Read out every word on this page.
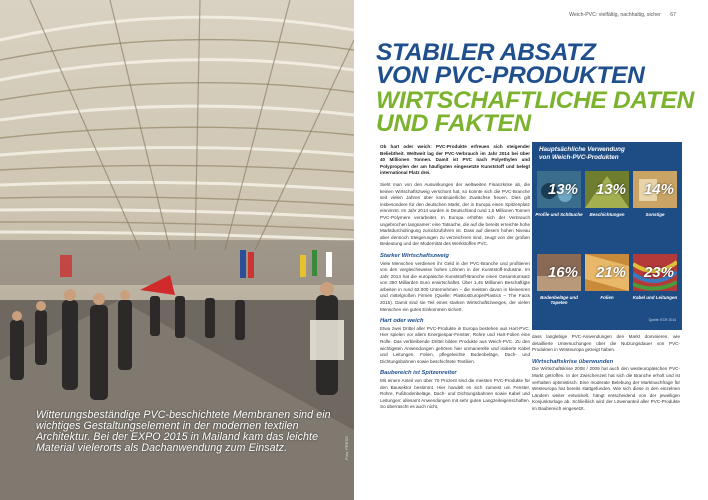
Witterungsbeständige PVC-beschichtete Membranen sind ein wichtiges Gestaltungselement in der modernen textilen Architektur. Bei der EXPO 2015 in Mailand kam das leichte Material vielerorts als Dachanwendung zum Einsatz.	Foto: PRESS
Weich-PVC: vielfältig, nachhaltig, sicher 67
STABILER ABSATZ
VON PVC-PRODUKTEN
WIRTSCHAFTLICHE DATEN
UND FAKTEN

Ob hart oder weich: PVC-Produkte erfreuen sich steigender Beliebtheit. Weltweit lag der PVC-Verbrauch im Jahr 2014 bei über 40 Millionen Tonnen. Damit ist PVC nach Polyethylen und Polypropylen der am häufigsten eingesetzte Kunststoff und belegt international Platz drei.

Sieht man von den Auswirkungen der weltweiten Finanzkrise ab, die keinen Wirtschaftszweig verschont hat, so konnte sich die PVC-Branche seit vielen Jahren über kontinuierliche Zuwächse freuen. Dies gilt insbesondere für den deutschen Markt, der in Europa einen Spitzenplatz einnimmt. Im Jahr 2014 wurden in Deutschland rund 1,5 Millionen Tonnen PVC-Polymere verarbeitet. In Europa erhöhte sich der Verbrauch ungebrochen langsamer: eine Tatsache, die auf die bereits erreichte hohe Marktdurchdringung zurückzuführen ist. Dass auf diesem hohen Niveau aber dennoch Steigerungen zu verzeichnen sind, zeugt von der großen Bedeutung und der Modernität des Werkstoffes PVC.

Starker Wirtschaftszweig

Viele Menschen verdienen ihr Geld in der PVC-Branche und profitieren von den vergleichsweise hohen Löhnen in der Kunststoff-Industrie. Im Jahr 2014 hat die europäische Kunststoff-Branche einen Gesamtumsatz von 350 Milliarden Euro erwirtschaftet. Über 1,45 Millionen Beschäftigte arbeiten in rund 62.000 Unternehmen – die meisten davon in kleinenren und mittelgroßen Firmen (Quelle: PlasticsEurope/Plastics – The Facts 2015). Damit sind sie Teil eines starken Wirtschaftszweiges, der vielen Menschen ein gutes Einkommen sichert.

Hart oder weich

Etwa zwei Drittel aller PVC-Produkte in Europa bestehen aus Hart-PVC. Hier spielen vor allem Energiespar-Fenster, Rohre und Hart-Folien eine Rolle. Das verbleibende Drittel bilden Produkte aus Weich-PVC. Zu den wichtigsten Anwendungen gehören hier unmanerelle und isolierte Kabel und Leitungen, Folien, pflegeleichte Bodenbeläge, Dach- und Dichtungsbahnen sowie beschichtete Textilien.

Baubereich ist Spitzenreiter

Mit einem Anteil von über 70 Prozent sind die meisten PVC-Produkte für den Bausektor bestimmt. Hier handelt es sich zumeist um Fenster, Rohre, Fußbodenbeläge, Dach- und Dichtungsbahnen sowie Kabel und Leitungen: allesamt Anwendungen mit sehr guten Langzeiteigenschaften. So überrascht es auch nicht,

Hauptsächliche Verwendung
von Weich-PVC-Produkten
13% 13% 14%
Profile und Schläuche	Beschichtungen	Sonstige
16% 21% 23%
Bodenbeläge und Tapeten
Folien	Kabel und Leitungen
Quelle: ECR 2014

dass langlebige PVC-Anwendungen den Markt dominieren, wie detaillierte Untersuchungen über die Nutzungsdauer von PVC-Produkten in Westeuropa gezeigt haben.

Wirtschaftskrise überwunden

Die Wirtschaftskrise 2008 / 2009 hat auch den westeuropäischen PVC-Markt getroffen. In der Zwischenzeit hat sich die Branche erholt und ist verhalten optimistisch. Eine moderate Belebung der Marktnachfrage für Westeuropa hat bereits stattgefunden. Wie sich diese in den einzelnen Ländern weiter entwickelt, hängt entscheidend von der jeweiligen Konjunkturlage ab. Schließlich wird der Löwenanteil aller PVC-Produkte im Baubereich eingesetzt.
